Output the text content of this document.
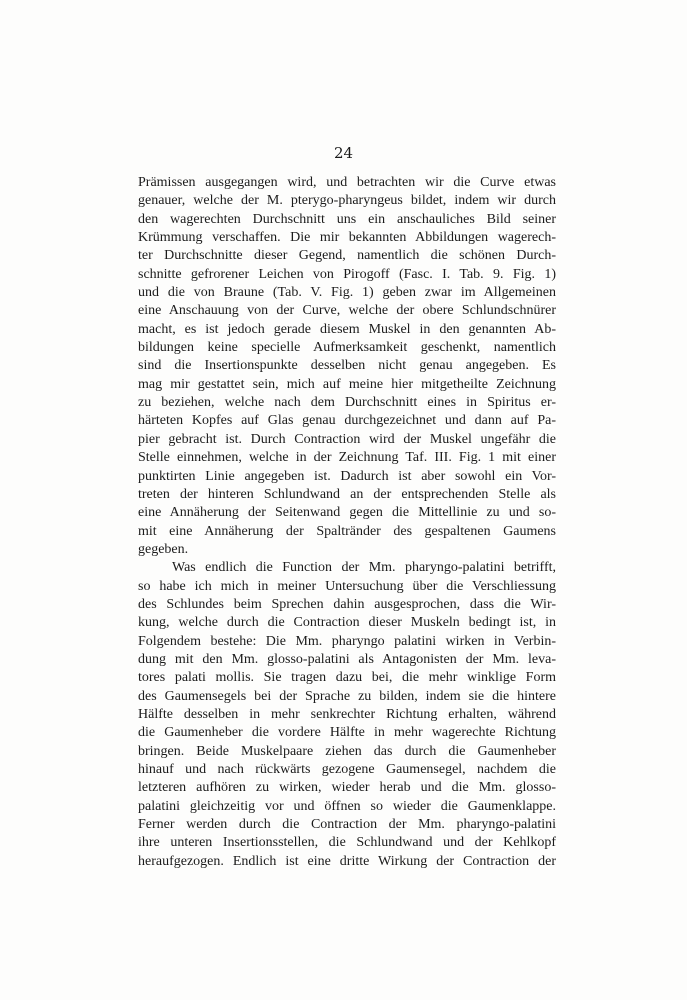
24
Prämissen ausgegangen wird, und betrachten wir die Curve etwas
genauer, welche der M. pterygo-pharyngeus bildet, indem wir durch
den wagerechten Durchschnitt uns ein anschauliches Bild seiner
Krümmung verschaffen. Die mir bekannten Abbildungen wagerech-
ter Durchschnitte dieser Gegend, namentlich die schönen Durch-
schnitte gefrorener Leichen von Pirogoff (Fasc. I. Tab. 9. Fig. 1)
und die von Braune (Tab. V. Fig. 1) geben zwar im Allgemeinen
eine Anschauung von der Curve, welche der obere Schlundschnürer
macht, es ist jedoch gerade diesem Muskel in den genannten Ab-
bildungen keine specielle Aufmerksamkeit geschenkt, namentlich
sind die Insertionspunkte desselben nicht genau angegeben. Es
mag mir gestattet sein, mich auf meine hier mitgetheilte Zeichnung
zu beziehen, welche nach dem Durchschnitt eines in Spiritus er-
härteten Kopfes auf Glas genau durchgezeichnet und dann auf Pa-
pier gebracht ist. Durch Contraction wird der Muskel ungefähr die
Stelle einnehmen, welche in der Zeichnung Taf. III. Fig. 1 mit einer
punktirten Linie angegeben ist. Dadurch ist aber sowohl ein Vor-
treten der hinteren Schlundwand an der entsprechenden Stelle als
eine Annäherung der Seitenwand gegen die Mittellinie zu und so-
mit eine Annäherung der Spaltränder des gespaltenen Gaumens
gegeben.
Was endlich die Function der Mm. pharyngo-palatini betrifft,
so habe ich mich in meiner Untersuchung über die Verschliessung
des Schlundes beim Sprechen dahin ausgesprochen, dass die Wir-
kung, welche durch die Contraction dieser Muskeln bedingt ist, in
Folgendem bestehe: Die Mm. pharyngo palatini wirken in Verbin-
dung mit den Mm. glosso-palatini als Antagonisten der Mm. leva-
tores palati mollis. Sie tragen dazu bei, die mehr winklige Form
des Gaumensegels bei der Sprache zu bilden, indem sie die hintere
Hälfte desselben in mehr senkrechter Richtung erhalten, während
die Gaumenheber die vordere Hälfte in mehr wagerechte Richtung
bringen. Beide Muskelpaare ziehen das durch die Gaumenheber
hinauf und nach rückwärts gezogene Gaumensegel, nachdem die
letzteren aufhören zu wirken, wieder herab und die Mm. glosso-
palatini gleichzeitig vor und öffnen so wieder die Gaumenklappe.
Ferner werden durch die Contraction der Mm. pharyngo-palatini
ihre unteren Insertionsstellen, die Schlundwand und der Kehlkopf
heraufgezogen. Endlich ist eine dritte Wirkung der Contraction der
